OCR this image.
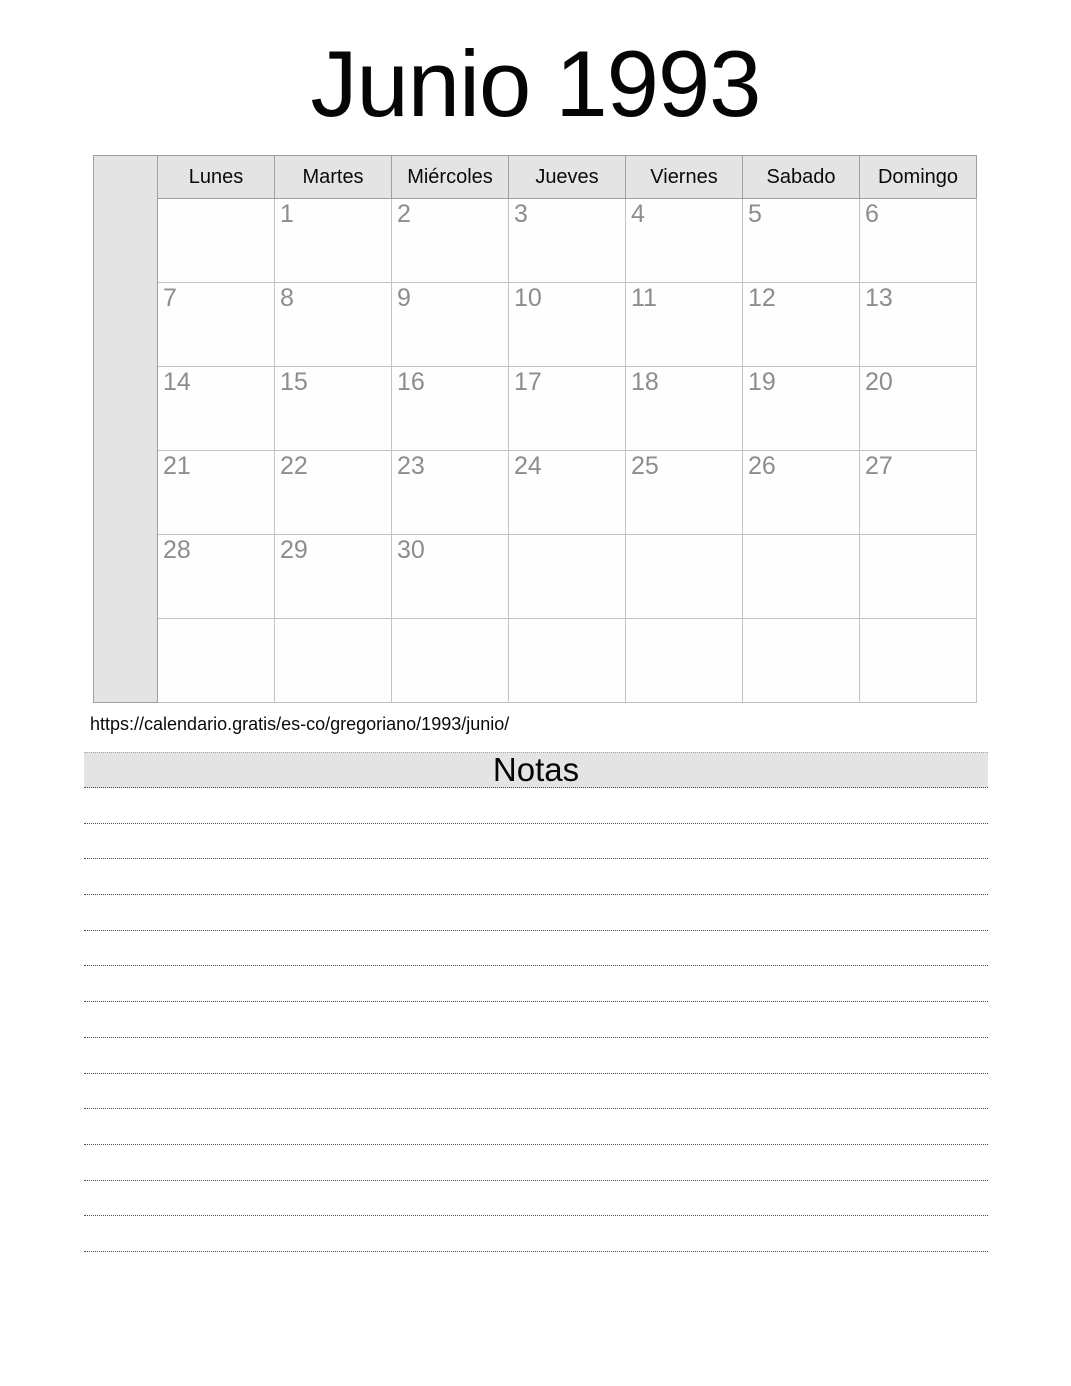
Junio 1993
	Lunes	Martes	Miércoles	Jueves	Viernes	Sabado	Domingo
		1	2	3	4	5	6
	7	8	9	10	11	12	13
	14	15	16	17	18	19	20
	21	22	23	24	25	26	27
	28	29	30				

https://calendario.gratis/es-co/gregoriano/1993/junio/
Notas
